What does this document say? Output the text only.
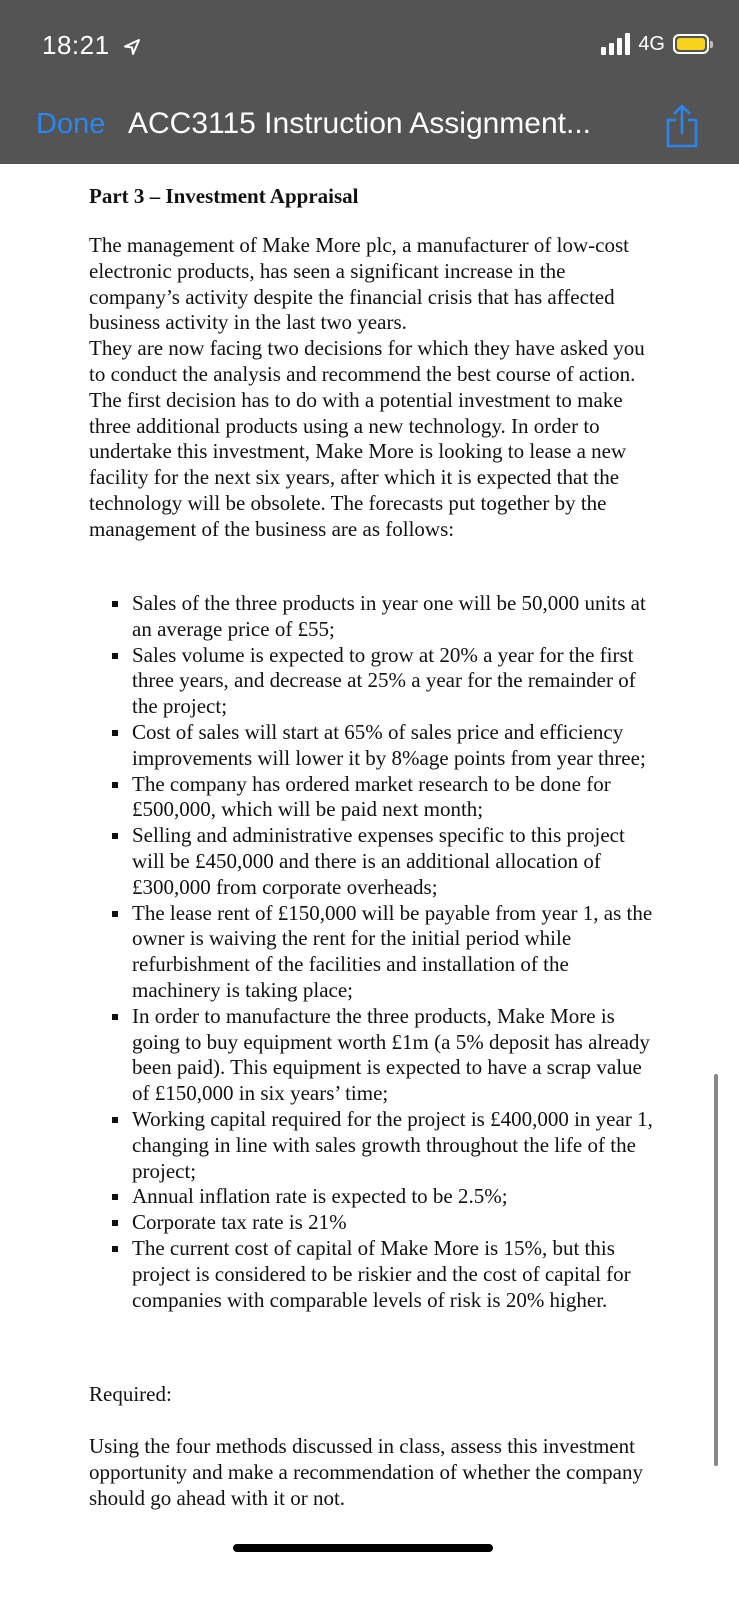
18:21	4G
Done ACC3115 Instruction Assignment...
Part 3 – Investment Appraisal

The management of Make More plc, a manufacturer of low-cost electronic products, has seen a significant increase in the company’s activity despite the financial crisis that has affected business activity in the last two years.

They are now facing two decisions for which they have asked you to conduct the analysis and recommend the best course of action.

The first decision has to do with a potential investment to make three additional products using a new technology. In order to undertake this investment, Make More is looking to lease a new facility for the next six years, after which it is expected that the technology will be obsolete. The forecasts put together by the management of the business are as follows:

Sales of the three products in year one will be 50,000 units at an average price of £55;
Sales volume is expected to grow at 20% a year for the first three years, and decrease at 25% a year for the remainder of the project;
Cost of sales will start at 65% of sales price and efficiency improvements will lower it by 8%age points from year three;
The company has ordered market research to be done for £500,000, which will be paid next month;
Selling and administrative expenses specific to this project will be £450,000 and there is an additional allocation of £300,000 from corporate overheads;
The lease rent of £150,000 will be payable from year 1, as the owner is waiving the rent for the initial period while refurbishment of the facilities and installation of the machinery is taking place;
In order to manufacture the three products, Make More is going to buy equipment worth £1m (a 5% deposit has already been paid). This equipment is expected to have a scrap value of £150,000 in six years’ time;
Working capital required for the project is £400,000 in year 1, changing in line with sales growth throughout the life of the project;
Annual inflation rate is expected to be 2.5%;
Corporate tax rate is 21%
The current cost of capital of Make More is 15%, but this project is considered to be riskier and the cost of capital for companies with comparable levels of risk is 20% higher.

Required:

Using the four methods discussed in class, assess this investment opportunity and make a recommendation of whether the company should go ahead with it or not.
